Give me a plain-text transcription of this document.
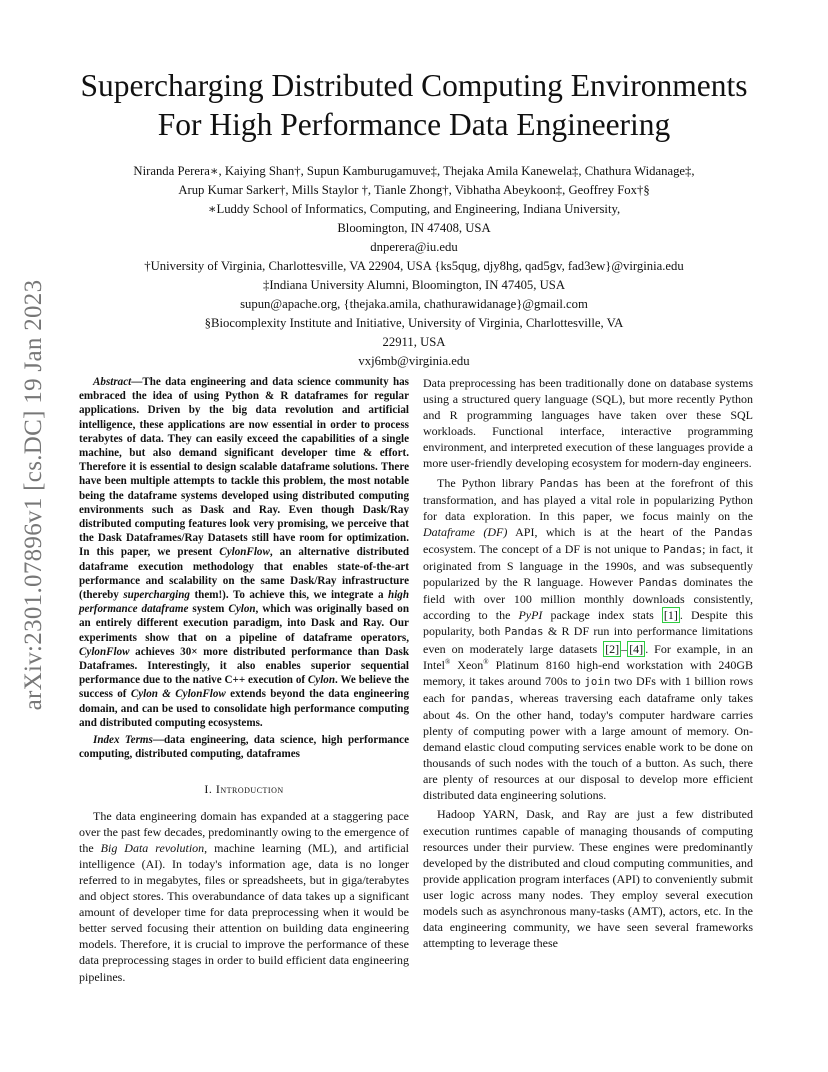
arXiv:2301.07896v1 [cs.DC] 19 Jan 2023
Supercharging Distributed Computing Environments
For High Performance Data Engineering
Niranda Perera∗, Kaiying Shan†, Supun Kamburugamuve‡, Thejaka Amila Kanewela‡, Chathura Widanage‡,
Arup Kumar Sarker†, Mills Staylor †, Tianle Zhong†, Vibhatha Abeykoon‡, Geoffrey Fox†§
∗Luddy School of Informatics, Computing, and Engineering, Indiana University,
Bloomington, IN 47408, USA
dnperera@iu.edu
†University of Virginia, Charlottesville, VA 22904, USA {ks5qug, djy8hg, qad5gv, fad3ew}@virginia.edu
‡Indiana University Alumni, Bloomington, IN 47405, USA
supun@apache.org, {thejaka.amila, chathurawidanage}@gmail.com
§Biocomplexity Institute and Initiative, University of Virginia, Charlottesville, VA
22911, USA
vxj6mb@virginia.edu

Abstract—The data engineering and data science community has embraced the idea of using Python & R dataframes for regular applications. Driven by the big data revolution and artificial intelligence, these applications are now essential in order to process terabytes of data. They can easily exceed the capabilities of a single machine, but also demand significant developer time & effort. Therefore it is essential to design scalable dataframe solutions. There have been multiple attempts to tackle this problem, the most notable being the dataframe systems developed using distributed computing environments such as Dask and Ray. Even though Dask/Ray distributed computing features look very promising, we perceive that the Dask Dataframes/Ray Datasets still have room for optimization. In this paper, we present CylonFlow, an alternative distributed dataframe execution methodology that enables state-of-the-art performance and scalability on the same Dask/Ray infrastructure (thereby supercharging them!). To achieve this, we integrate a high performance dataframe system Cylon, which was originally based on an entirely different execution paradigm, into Dask and Ray. Our experiments show that on a pipeline of dataframe operators, CylonFlow achieves 30× more distributed performance than Dask Dataframes. Interestingly, it also enables superior sequential performance due to the native C++ execution of Cylon. We believe the success of Cylon & CylonFlow extends beyond the data engineering domain, and can be used to consolidate high performance computing and distributed computing ecosystems.

Index Terms—data engineering, data science, high performance computing, distributed computing, dataframes

I. Introduction

The data engineering domain has expanded at a staggering pace over the past few decades, predominantly owing to the emergence of the Big Data revolution, machine learning (ML), and artificial intelligence (AI). In today's information age, data is no longer referred to in megabytes, files or spreadsheets, but in giga/terabytes and object stores. This overabundance of data takes up a significant amount of developer time for data preprocessing when it would be better served focusing their attention on building data engineering models. Therefore, it is crucial to improve the performance of these data preprocessing stages in order to build efficient data engineering pipelines.

Data preprocessing has been traditionally done on database systems using a structured query language (SQL), but more recently Python and R programming languages have taken over these SQL workloads. Functional interface, interactive programming environment, and interpreted execution of these languages provide a more user-friendly developing ecosystem for modern-day engineers.

The Python library Pandas has been at the forefront of this transformation, and has played a vital role in popularizing Python for data exploration. In this paper, we focus mainly on the Dataframe (DF) API, which is at the heart of the Pandas ecosystem. The concept of a DF is not unique to Pandas; in fact, it originated from S language in the 1990s, and was subsequently popularized by the R language. However Pandas dominates the field with over 100 million monthly downloads consistently, according to the PyPI package index stats [1] . Despite this popularity, both Pandas & R DF run into performance limitations even on moderately large datasets [2] – [4] . For example, in an Intel® Xeon® Platinum 8160 high-end workstation with 240GB memory, it takes around 700s to join two DFs with 1 billion rows each for pandas, whereas traversing each dataframe only takes about 4s. On the other hand, today's computer hardware carries plenty of computing power with a large amount of memory. On-demand elastic cloud computing services enable work to be done on thousands of such nodes with the touch of a button. As such, there are plenty of resources at our disposal to develop more efficient distributed data engineering solutions.

Hadoop YARN, Dask, and Ray are just a few distributed execution runtimes capable of managing thousands of computing resources under their purview. These engines were predominantly developed by the distributed and cloud computing communities, and provide application program interfaces (API) to conveniently submit user logic across many nodes. They employ several execution models such as asynchronous many-tasks (AMT), actors, etc. In the data engineering community, we have seen several frameworks attempting to leverage these
